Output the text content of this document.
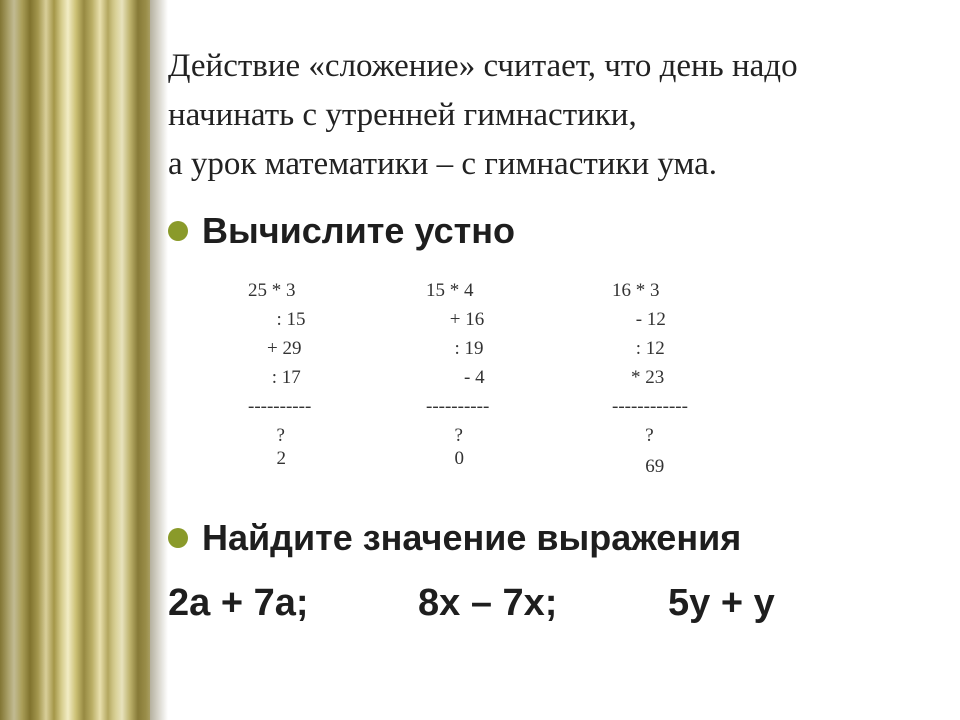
Действие «сложение» считает, что день надо
начинать с утренней гимнастики,
а урок математики – с гимнастики ума.
Вычислите устно
25 * 3
: 15
+ 29
: 17
----------
?
2
15 * 4
+ 16
: 19
- 4
----------
?
0
16 * 3
- 12
: 12
* 23
------------
?
69
Найдите значение выражения
2а + 7а;	8х – 7х;	5у + у
